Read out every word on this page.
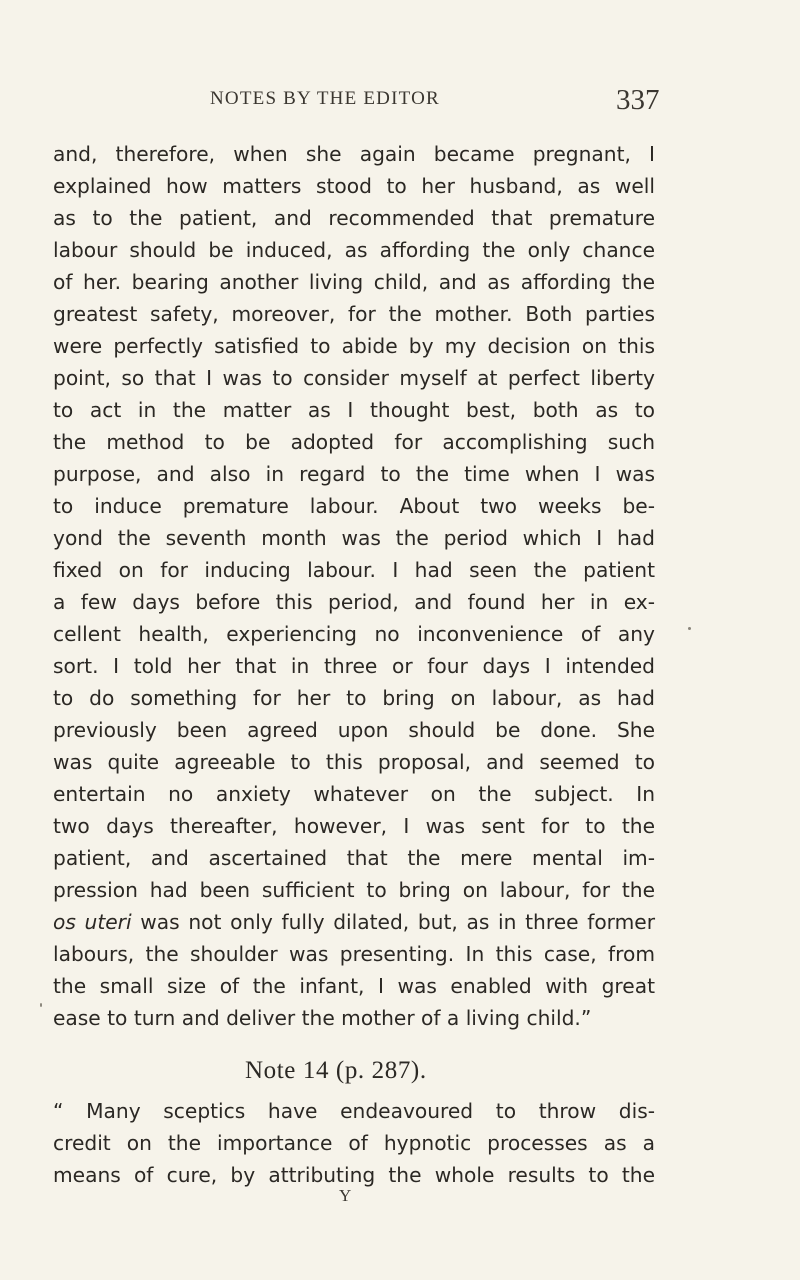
NOTES BY THE EDITOR	337
and, therefore, when she again became pregnant, I
explained how matters stood to her husband, as well
as to the patient, and recommended that premature
labour should be induced, as affording the only chance
of her. bearing another living child, and as affording the
greatest safety, moreover, for the mother. Both parties
were perfectly satisfied to abide by my decision on this
point, so that I was to consider myself at perfect liberty
to act in the matter as I thought best, both as to
the method to be adopted for accomplishing such
purpose, and also in regard to the time when I was
to induce premature labour. About two weeks be-
yond the seventh month was the period which I had
fixed on for inducing labour. I had seen the patient
a few days before this period, and found her in ex-
cellent health, experiencing no inconvenience of any
sort. I told her that in three or four days I intended
to do something for her to bring on labour, as had
previously been agreed upon should be done. She
was quite agreeable to this proposal, and seemed to
entertain no anxiety whatever on the subject. In
two days thereafter, however, I was sent for to the
patient, and ascertained that the mere mental im-
pression had been sufficient to bring on labour, for the
os uteri was not only fully dilated, but, as in three former
labours, the shoulder was presenting. In this case, from
the small size of the infant, I was enabled with great
ease to turn and deliver the mother of a living child.”
Note 14 (p. 287).
“ Many sceptics have endeavoured to throw dis-
credit on the importance of hypnotic processes as a
means of cure, by attributing the whole results to the
Y
